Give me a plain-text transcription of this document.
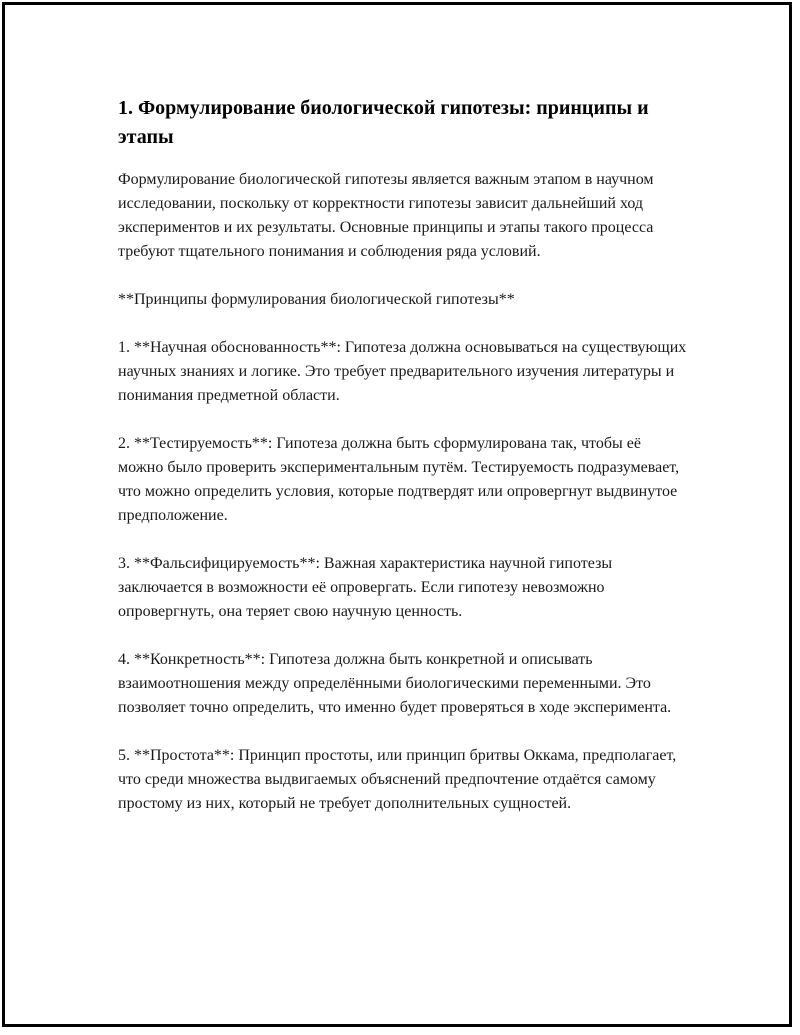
1. Формулирование биологической гипотезы: принципы и этапы

Формулирование биологической гипотезы является важным этапом в научном исследовании, поскольку от корректности гипотезы зависит дальнейший ход экспериментов и их результаты. Основные принципы и этапы такого процесса требуют тщательного понимания и соблюдения ряда условий.

**Принципы формулирования биологической гипотезы**

1. **Научная обоснованность**: Гипотеза должна основываться на существующих научных знаниях и логике. Это требует предварительного изучения литературы и понимания предметной области.

2. **Тестируемость**: Гипотеза должна быть сформулирована так, чтобы её можно было проверить экспериментальным путём. Тестируемость подразумевает, что можно определить условия, которые подтвердят или опровергнут выдвинутое предположение.

3. **Фальсифицируемость**: Важная характеристика научной гипотезы заключается в возможности её опровергать. Если гипотезу невозможно опровергнуть, она теряет свою научную ценность.

4. **Конкретность**: Гипотеза должна быть конкретной и описывать взаимоотношения между определёнными биологическими переменными. Это позволяет точно определить, что именно будет проверяться в ходе эксперимента.

5. **Простота**: Принцип простоты, или принцип бритвы Оккама, предполагает, что среди множества выдвигаемых объяснений предпочтение отдаётся самому простому из них, который не требует дополнительных сущностей.
